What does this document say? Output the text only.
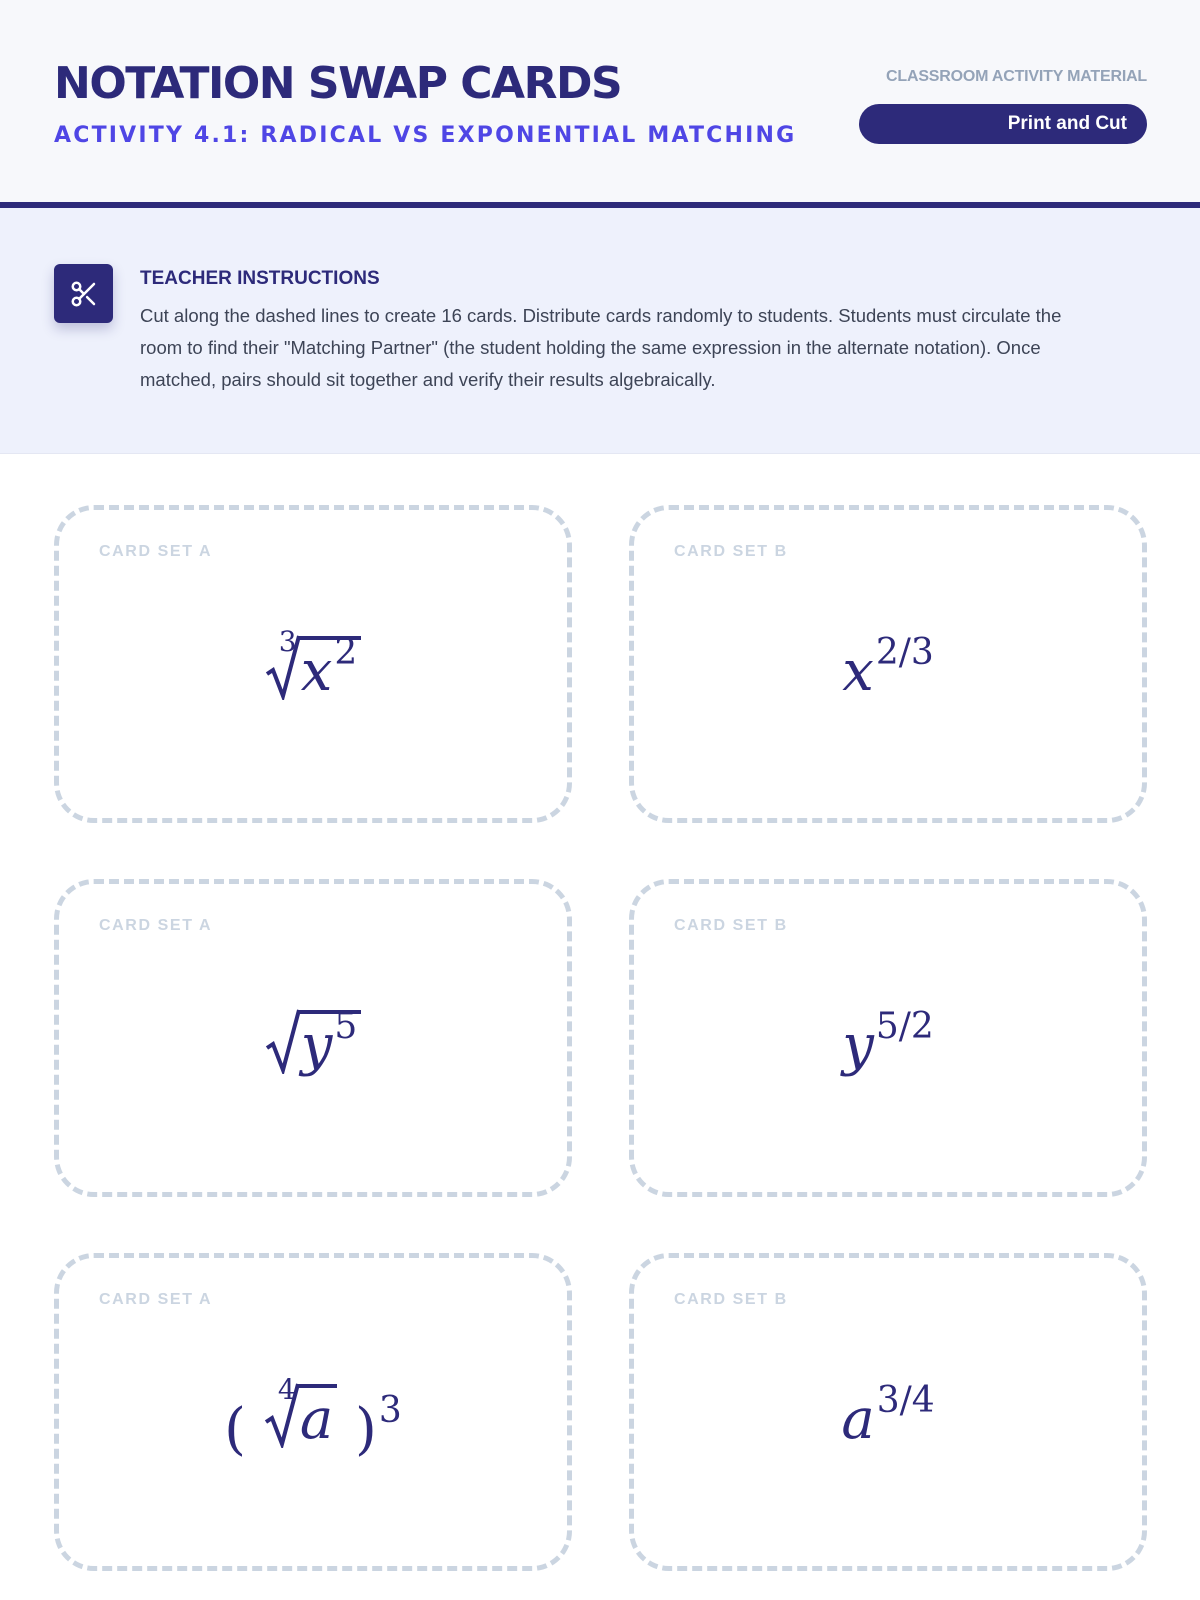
NOTATION SWAP CARDS
ACTIVITY 4.1: RADICAL VS EXPONENTIAL MATCHING
CLASSROOM ACTIVITY MATERIAL
Print and Cut
TEACHER INSTRUCTIONS

Cut along the dashed lines to create 16 cards. Distribute cards randomly to students. Students must circulate the room to find their "Matching Partner" (the student holding the same expression in the alternate notation). Once matched, pairs should sit together and verify their results algebraically.

CARD SET A
3 $x^2$
CARD SET B
$x^{2/3}$
CARD SET A
$y^5$
CARD SET B
$y^{5/2}$
CARD SET A
(
4 a )$^3$
CARD SET B
$a^{3/4}$
